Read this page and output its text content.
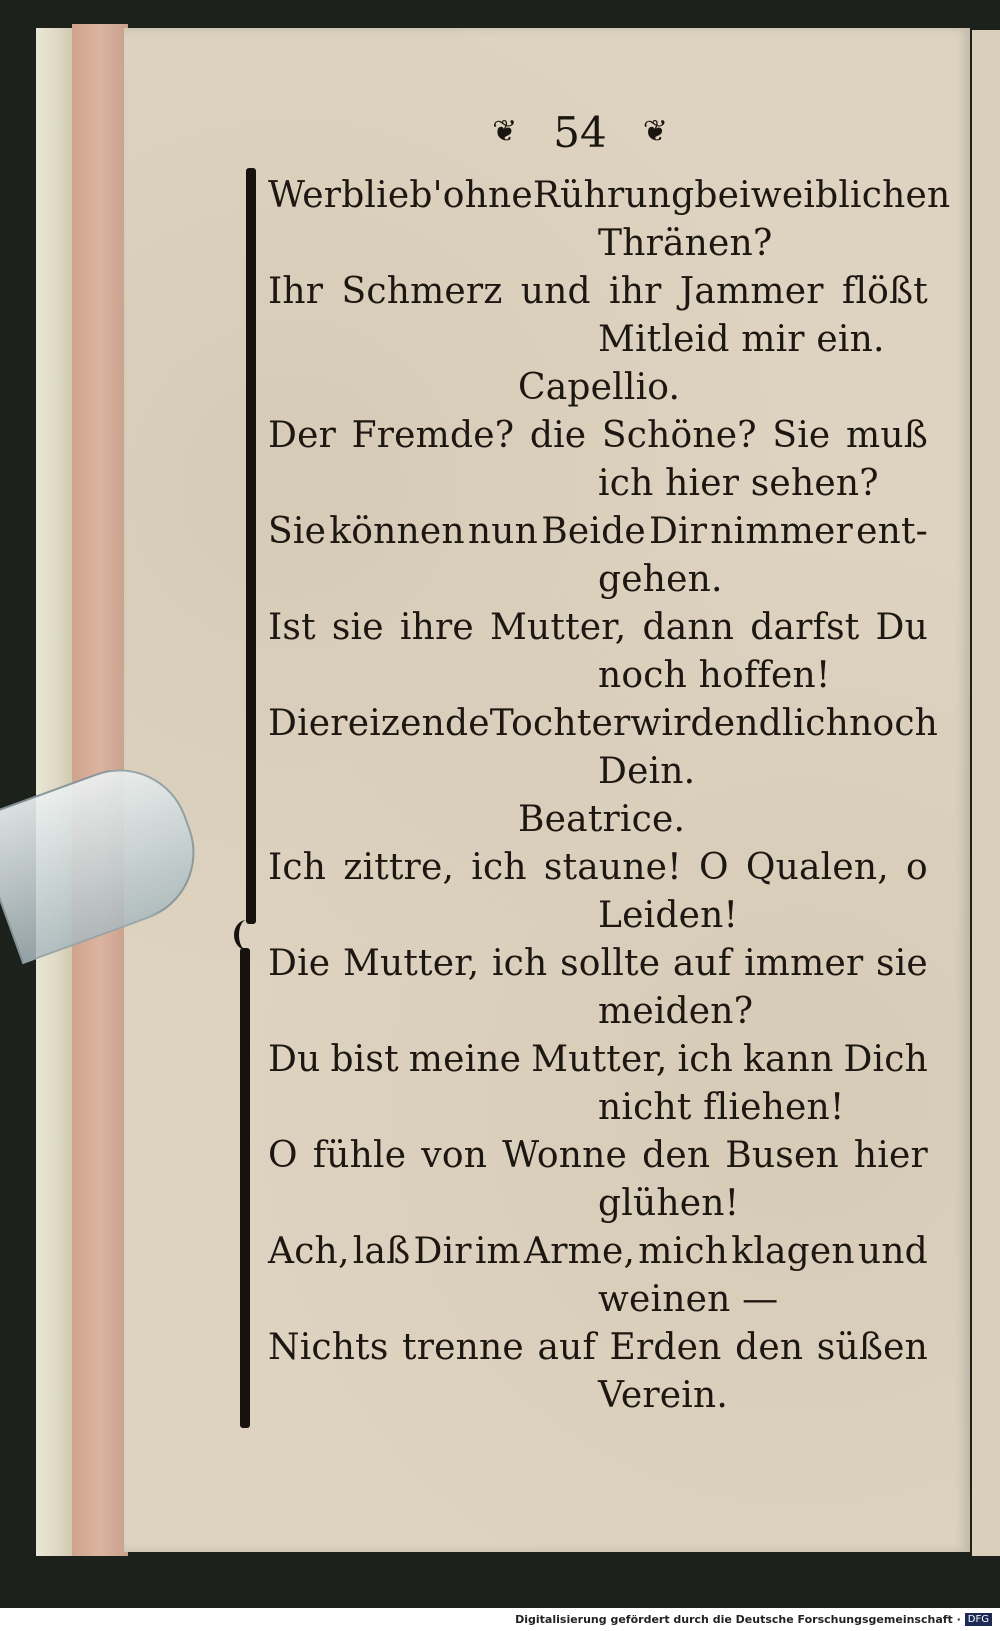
❦ 54 ❦
Wer blieb' ohne Rührung bei weiblichen
Thränen?
Ihr Schmerz und ihr Jammer flößt
Mitleid mir ein.
Capellio.
Der Fremde? die Schöne? Sie muß
ich hier sehen?
Sie können nun Beide Dir nimmer ent-
gehen.
Ist sie ihre Mutter, dann darfst Du
noch hoffen!
Die reizende Tochter wird endlich noch
Dein.
Beatrice.
Ich zittre, ich staune! O Qualen, o
Leiden!
Die Mutter, ich sollte auf immer sie
meiden?
Du bist meine Mutter, ich kann Dich
nicht fliehen!
O fühle von Wonne den Busen hier
glühen!
Ach, laß Dir im Arme, mich klagen und
weinen —
Nichts trenne auf Erden den süßen
Verein.
Digitalisierung gefördert durch die Deutsche Forschungsgemeinschaft · DFG
